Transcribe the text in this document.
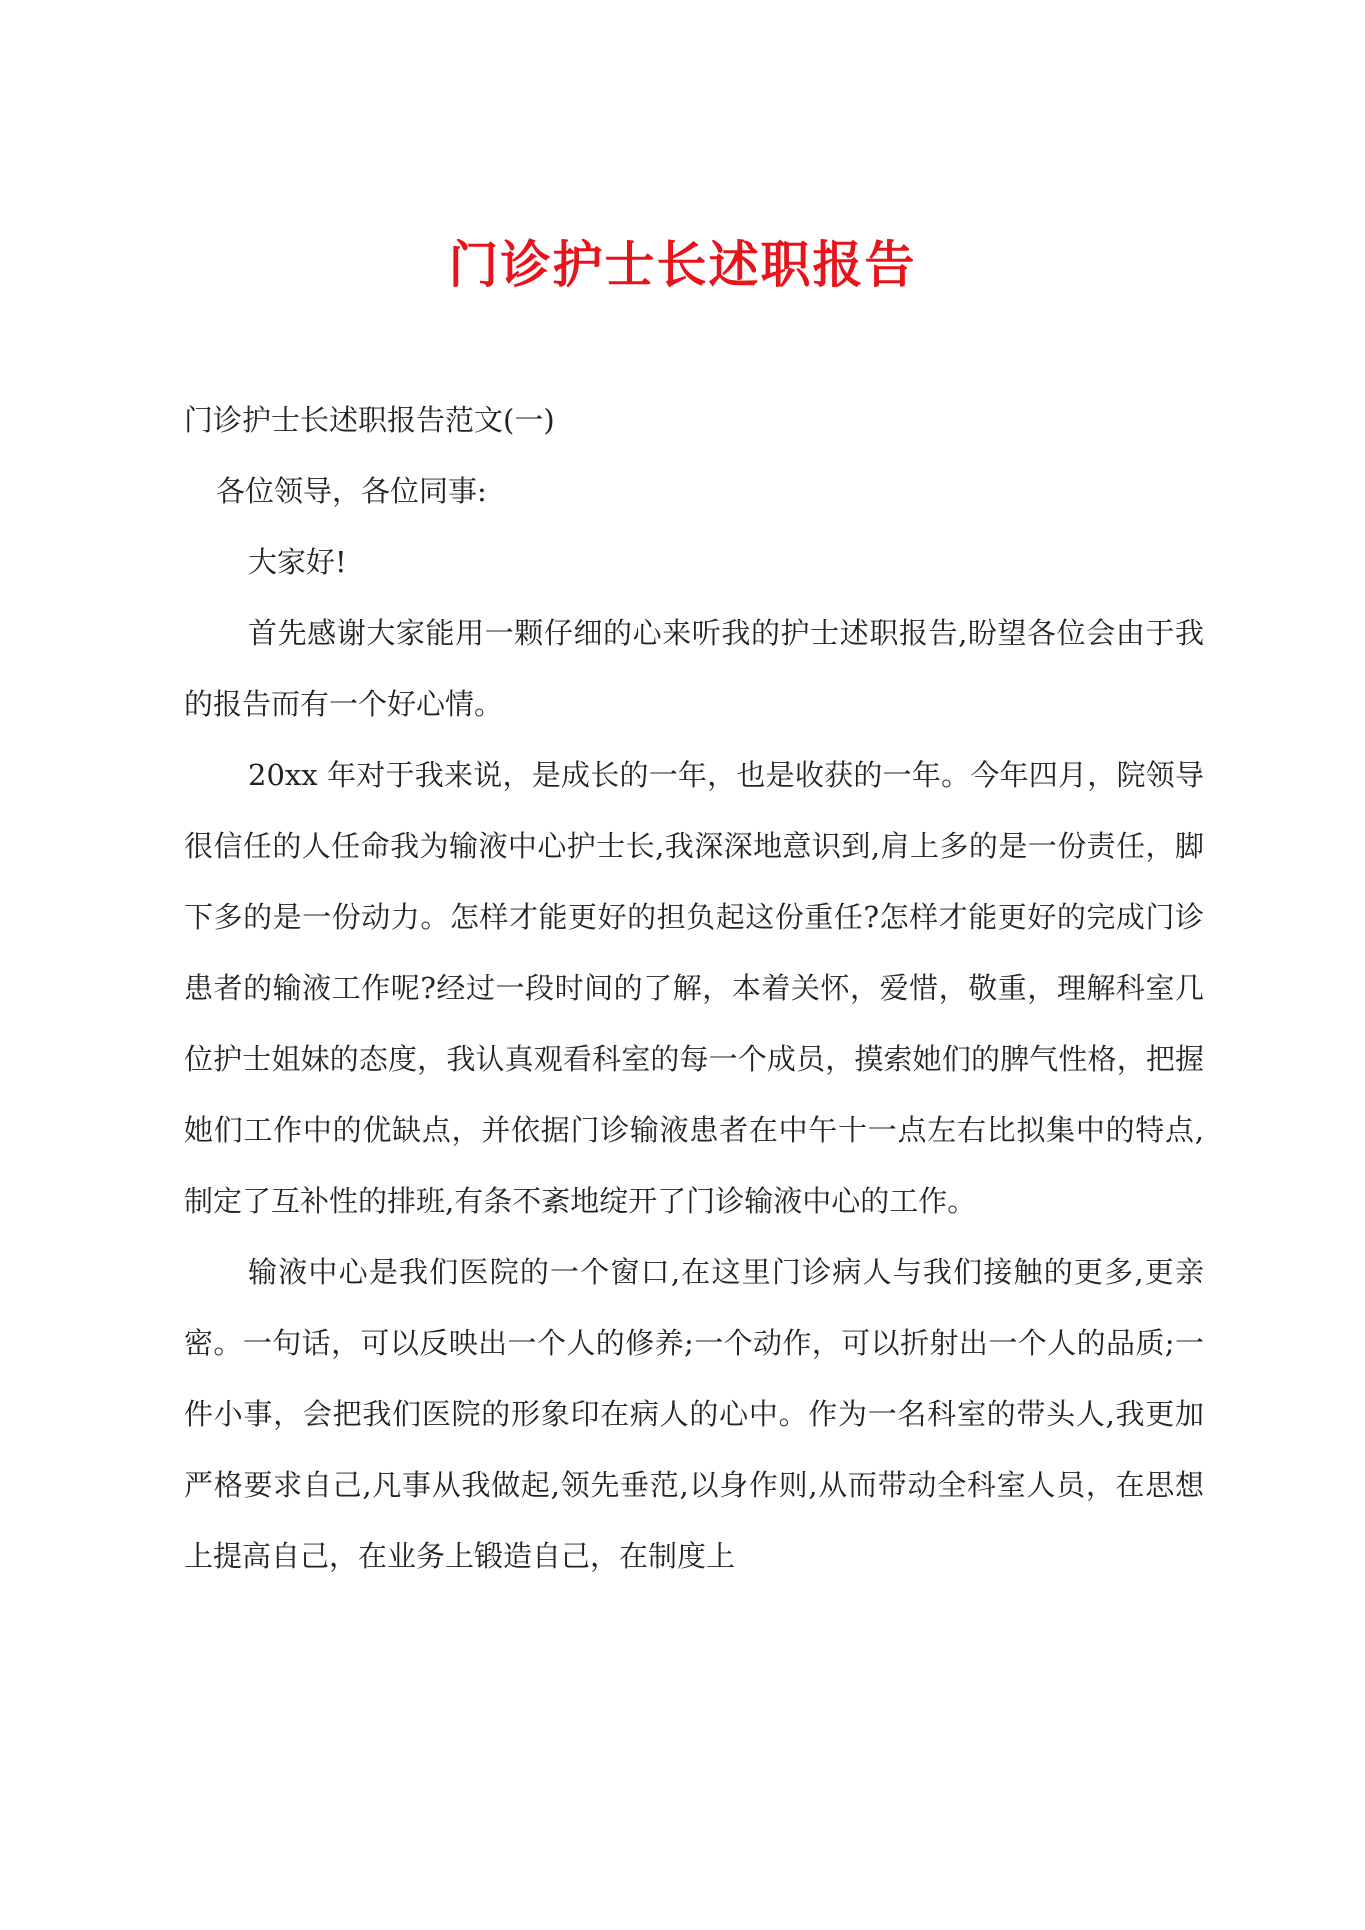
门诊护士长述职报告

门诊护士长述职报告范文(一)

各位领导，各位同事:

大家好!

首先感谢大家能用一颗仔细的心来听我的护士述职报告,盼望各位会由于我的报告而有一个好心情。

20xx 年对于我来说，是成长的一年，也是收获的一年。今年四月，院领导很信任的人任命我为输液中心护士长,我深深地意识到,肩上多的是一份责任，脚下多的是一份动力。怎样才能更好的担负起这份重任?怎样才能更好的完成门诊患者的输液工作呢?经过一段时间的了解，本着关怀，爱惜，敬重，理解科室几位护士姐妹的态度，我认真观看科室的每一个成员，摸索她们的脾气性格，把握她们工作中的优缺点，并依据门诊输液患者在中午十一点左右比拟集中的特点,制定了互补性的排班,有条不紊地绽开了门诊输液中心的工作。

输液中心是我们医院的一个窗口,在这里门诊病人与我们接触的更多,更亲密。一句话，可以反映出一个人的修养;一个动作，可以折射出一个人的品质;一件小事，会把我们医院的形象印在病人的心中。作为一名科室的带头人,我更加严格要求自己,凡事从我做起,领先垂范,以身作则,从而带动全科室人员，在思想上提高自己，在业务上锻造自己，在制度上
